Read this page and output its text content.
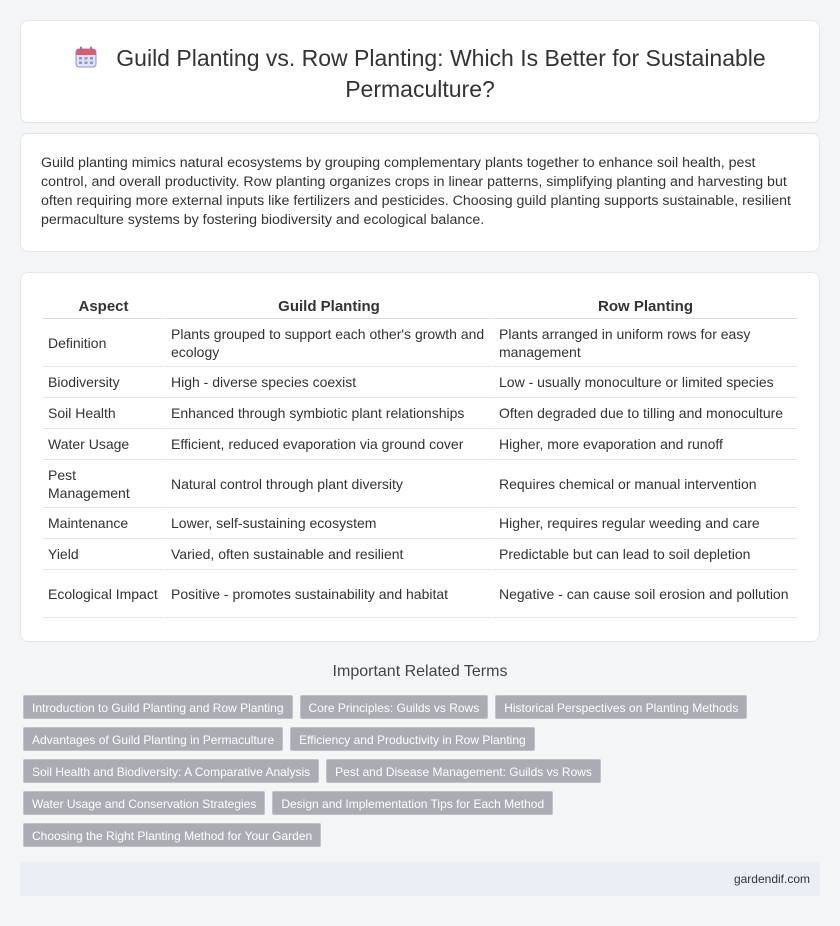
Guild Planting vs. Row Planting: Which Is Better for Sustainable
Permaculture?

Guild planting mimics natural ecosystems by grouping complementary plants together to enhance soil health, pest control, and overall productivity. Row planting organizes crops in linear patterns, simplifying planting and harvesting but often requiring more external inputs like fertilizers and pesticides. Choosing guild planting supports sustainable, resilient permaculture systems by fostering biodiversity and ecological balance.

Aspect	Guild Planting	Row Planting
Definition	Plants grouped to support each other's growth and ecology	Plants arranged in uniform rows for easy management
Biodiversity	High - diverse species coexist	Low - usually monoculture or limited species
Soil Health	Enhanced through symbiotic plant relationships	Often degraded due to tilling and monoculture
Water Usage	Efficient, reduced evaporation via ground cover	Higher, more evaporation and runoff
Pest Management	Natural control through plant diversity	Requires chemical or manual intervention
Maintenance	Lower, self-sustaining ecosystem	Higher, requires regular weeding and care
Yield	Varied, often sustainable and resilient	Predictable but can lead to soil depletion
Ecological Impact	Positive - promotes sustainability and habitat	Negative - can cause soil erosion and pollution
Important Related Terms
Introduction to Guild Planting and Row Planting	Core Principles: Guilds vs Rows	Historical Perspectives on Planting Methods
Advantages of Guild Planting in Permaculture	Efficiency and Productivity in Row Planting
Soil Health and Biodiversity: A Comparative Analysis	Pest and Disease Management: Guilds vs Rows
Water Usage and Conservation Strategies	Design and Implementation Tips for Each Method
Choosing the Right Planting Method for Your Garden
gardendif.com
